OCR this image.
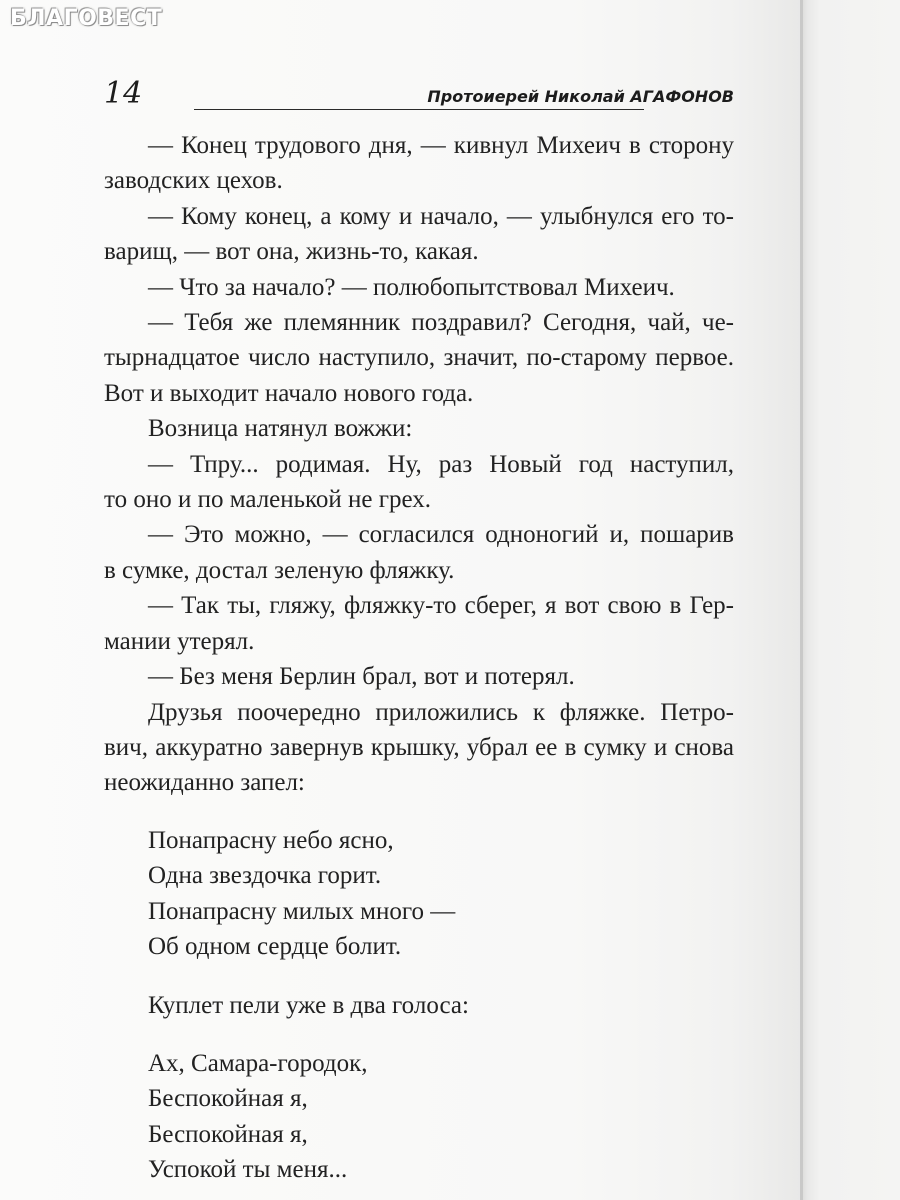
БЛАГОВЕСТ

14	Протоиерей Николай АГАФОНОВ
— Конец трудового дня, — кивнул Михеич в сторону
заводских цехов.
— Кому конец, а кому и начало, — улыбнулся его то-
варищ, — вот она, жизнь-то, какая.
— Что за начало? — полюбопытствовал Михеич.
— Тебя же племянник поздравил? Сегодня, чай, че-
тырнадцатое число наступило, значит, по-старому первое.
Вот и выходит начало нового года.
Возница натянул вожжи:
— Тпру... родимая. Ну, раз Новый год наступил,
то оно и по маленькой не грех.
— Это можно, — согласился одноногий и, пошарив
в сумке, достал зеленую фляжку.
— Так ты, гляжу, фляжку-то сберег, я вот свою в Гер-
мании утерял.
— Без меня Берлин брал, вот и потерял.
Друзья поочередно приложились к фляжке. Петро-
вич, аккуратно завернув крышку, убрал ее в сумку и снова
неожиданно запел:
Понапрасну небо ясно,
Одна звездочка горит.
Понапрасну милых много —
Об одном сердце болит.
Куплет пели уже в два голоса:
Ах, Самара-городок,
Беспокойная я,
Беспокойная я,
Успокой ты меня...
